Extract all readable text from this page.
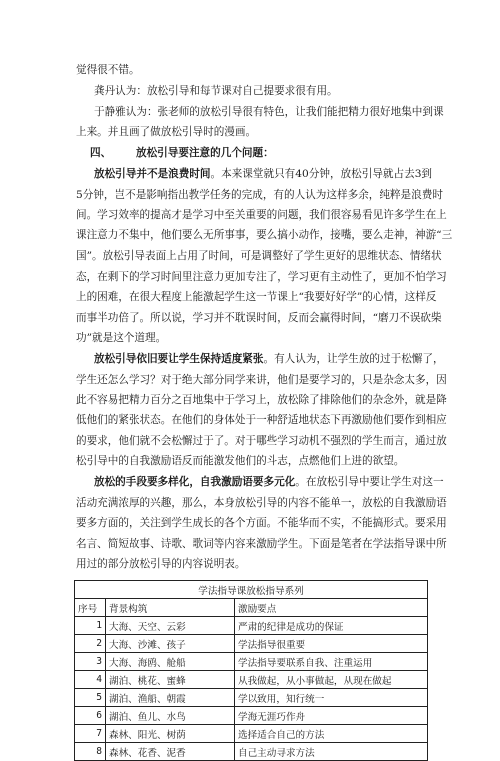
觉得很不错。
龚丹认为：放松引导和每节课对自己提要求很有用。
于静雅认为：张老师的放松引导很有特色，让我们能把精力很好地集中到课
上来。并且画了做放松引导时的漫画。
四、 放松引导要注意的几个问题：
放松引导并不是浪费时间。本来课堂就只有40分钟，放松引导就占去3到
5分钟，岂不是影响指出教学任务的完成，有的人认为这样多余，纯粹是浪费时
间。学习效率的提高才是学习中至关重要的问题，我们很容易看见许多学生在上
课注意力不集中，他们要么无所事事，要么搞小动作，接嘴，要么走神，神游“三
国”。放松引导表面上占用了时间，可是调整好了学生更好的思维状态、情绪状
态，在剩下的学习时间里注意力更加专注了，学习更有主动性了，更加不怕学习
上的困难，在很大程度上能激起学生这一节课上“我要好好学”的心情，这样反
而事半功倍了。所以说，学习并不耽误时间，反而会赢得时间，“磨刀不误砍柴
功”就是这个道理。
放松引导依旧要让学生保持适度紧张。有人认为，让学生放的过于松懈了，
学生还怎么学习？对于绝大部分同学来讲，他们是要学习的，只是杂念太多，因
此不容易把精力百分之百地集中于学习上，放松除了排除他们的杂念外，就是降
低他们的紧张状态。在他们的身体处于一种舒适地状态下再激励他们要作到相应
的要求，他们就不会松懈过于了。对于哪些学习动机不强烈的学生而言，通过放
松引导中的自我激励语反而能激发他们的斗志，点燃他们上进的欲望。
放松的手段要多样化，自我激励语要多元化。在放松引导中要让学生对这一
活动充满浓厚的兴趣，那么，本身放松引导的内容不能单一，放松的自我激励语
要多方面的，关注到学生成长的各个方面。不能华而不实，不能搞形式。要采用
名言、简短故事、诗歌、歌词等内容来激励学生。下面是笔者在学法指导课中所
用过的部分放松引导的内容说明表。
学法指导课放松指导系列		
序号	背景构筑	激励要点
1	大海、天空、云彩	严肃的纪律是成功的保证
2	大海、沙滩、孩子	学法指导很重要
3	大海、海鸥、舱船	学法指导要联系自我、注重运用
4	湖泊、桃花、蜜蜂	从我做起，从小事做起，从现在做起
5	湖泊、渔船、朝霞	学以致用，知行统一
6	湖泊、鱼儿、水鸟	学海无涯巧作舟
7	森林、阳光、树荫	选择适合自己的方法
8	森林、花香、泥香	自己主动寻求方法
